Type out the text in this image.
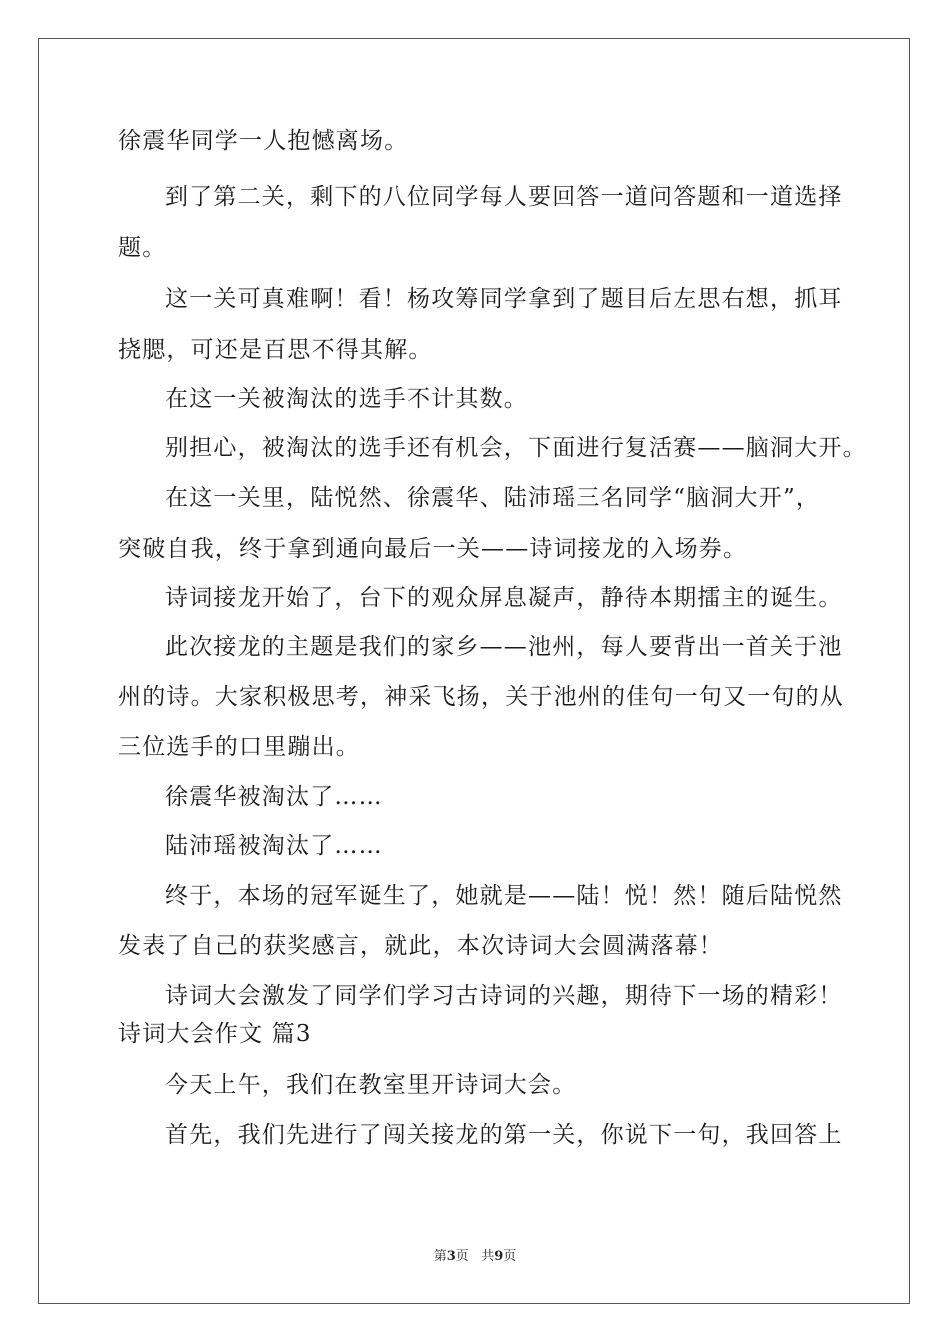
徐震华同学一人抱憾离场。
到了第二关，剩下的八位同学每人要回答一道问答题和一道选择
题。
这一关可真难啊！看！杨攻筹同学拿到了题目后左思右想，抓耳
挠腮，可还是百思不得其解。
在这一关被淘汰的选手不计其数。
别担心，被淘汰的选手还有机会，下面进行复活赛——脑洞大开。
在这一关里，陆悦然、徐震华、陆沛瑶三名同学“脑洞大开”，
突破自我，终于拿到通向最后一关——诗词接龙的入场券。
诗词接龙开始了，台下的观众屏息凝声，静待本期擂主的诞生。
此次接龙的主题是我们的家乡——池州，每人要背出一首关于池
州的诗。大家积极思考，神采飞扬，关于池州的佳句一句又一句的从
三位选手的口里蹦出。
徐震华被淘汰了……
陆沛瑶被淘汰了……
终于，本场的冠军诞生了，她就是——陆！悦！然！随后陆悦然
发表了自己的获奖感言，就此，本次诗词大会圆满落幕！
诗词大会激发了同学们学习古诗词的兴趣，期待下一场的精彩！
诗词大会作文 篇3
今天上午，我们在教室里开诗词大会。
首先，我们先进行了闯关接龙的第一关，你说下一句，我回答上
第3页 共9页
